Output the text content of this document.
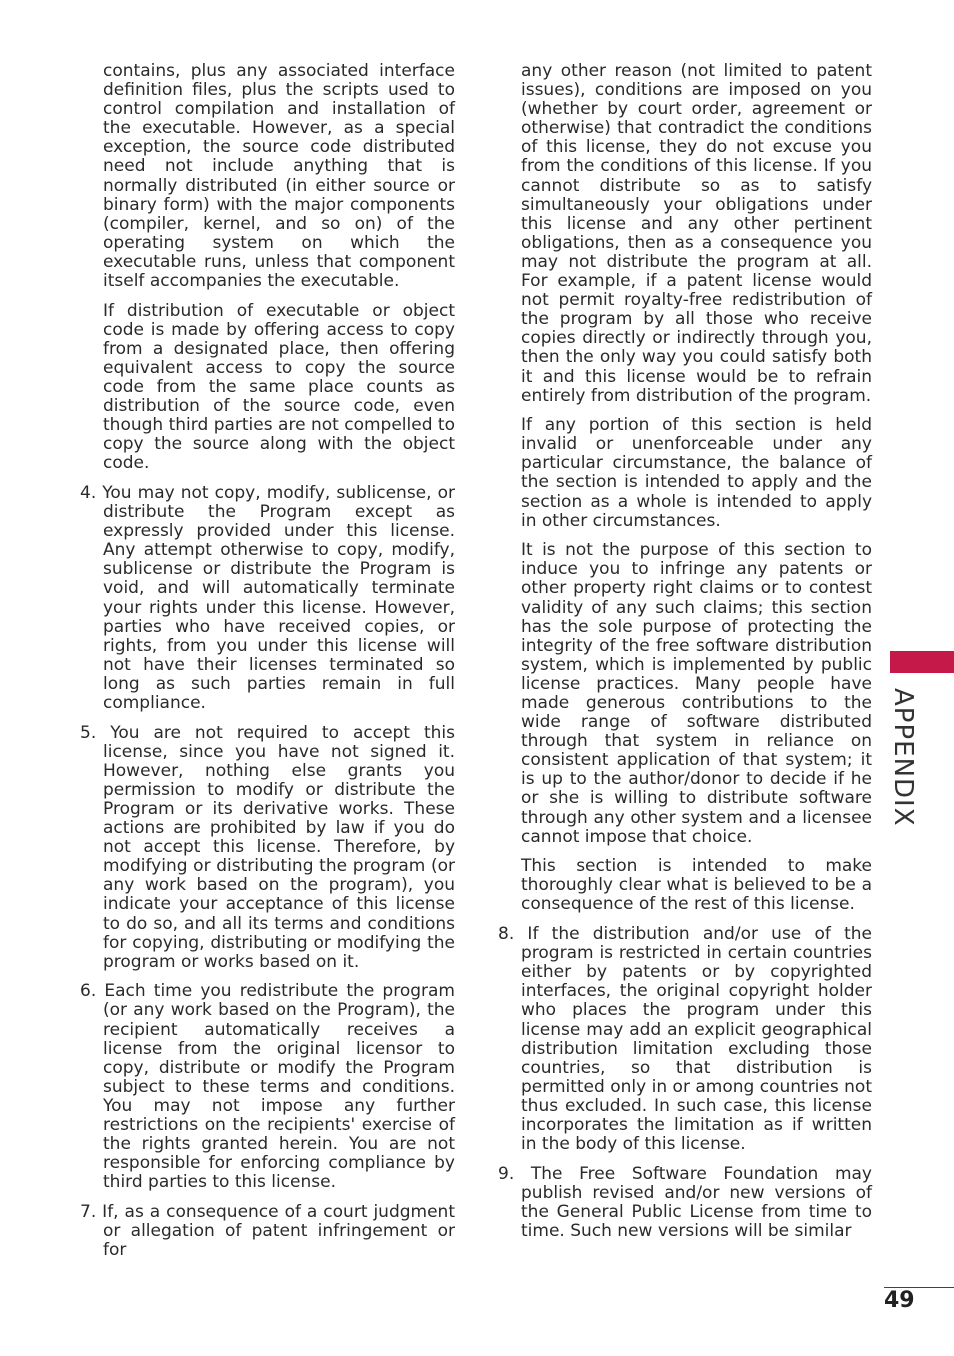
contains, plus any associated interface definition files, plus the scripts used to control compilation and installation of the executable. However, as a special exception, the source code distributed need not include anything that is normally distributed (in either source or binary form) with the major components (compiler, kernel, and so on) of the operating system on which the executable runs, unless that component itself accompanies the executable.

If distribution of executable or object code is made by offering access to copy from a designated place, then offering equivalent access to copy the source code from the same place counts as distribution of the source code, even though third parties are not compelled to copy the source along with the object code.

4. You may not copy, modify, sublicense, or distribute the Program except as expressly provided under this license. Any attempt otherwise to copy, modify, sublicense or distribute the Program is void, and will automatically terminate your rights under this license. However, parties who have received copies, or rights, from you under this license will not have their licenses terminated so long as such parties remain in full compliance.

5. You are not required to accept this license, since you have not signed it. However, nothing else grants you permission to modify or distribute the Program or its derivative works. These actions are prohibited by law if you do not accept this license. Therefore, by modifying or distributing the program (or any work based on the program), you indicate your acceptance of this license to do so, and all its terms and conditions for copying, distributing or modifying the program or works based on it.

6. Each time you redistribute the program (or any work based on the Program), the recipient automatically receives a license from the original licensor to copy, distribute or modify the Program subject to these terms and conditions. You may not impose any further restrictions on the recipients' exercise of the rights granted herein. You are not responsible for enforcing compliance by third parties to this license.

7. If, as a consequence of a court judgment or allegation of patent infringement or for

any other reason (not limited to patent issues), conditions are imposed on you (whether by court order, agreement or otherwise) that contradict the conditions of this license, they do not excuse you from the conditions of this license. If you cannot distribute so as to satisfy simultaneously your obligations under this license and any other pertinent obligations, then as a consequence you may not distribute the program at all. For example, if a patent license would not permit royalty-free redistribution of the program by all those who receive copies directly or indirectly through you, then the only way you could satisfy both it and this license would be to refrain entirely from distribution of the program.

If any portion of this section is held invalid or unenforceable under any particular circumstance, the balance of the section is intended to apply and the section as a whole is intended to apply in other circumstances.

It is not the purpose of this section to induce you to infringe any patents or other property right claims or to contest validity of any such claims; this section has the sole purpose of protecting the integrity of the free software distribution system, which is implemented by public license practices. Many people have made generous contributions to the wide range of software distributed through that system in reliance on consistent application of that system; it is up to the author/donor to decide if he or she is willing to distribute software through any other system and a licensee cannot impose that choice.

This section is intended to make thoroughly clear what is believed to be a consequence of the rest of this license.

8. If the distribution and/or use of the program is restricted in certain countries either by patents or by copyrighted interfaces, the original copyright holder who places the program under this license may add an explicit geographical distribution limitation excluding those countries, so that distribution is permitted only in or among countries not thus excluded. In such case, this license incorporates the limitation as if written in the body of this license.

9. The Free Software Foundation may publish revised and/or new versions of the General Public License from time to time. Such new versions will be similar

APPENDIX
49
